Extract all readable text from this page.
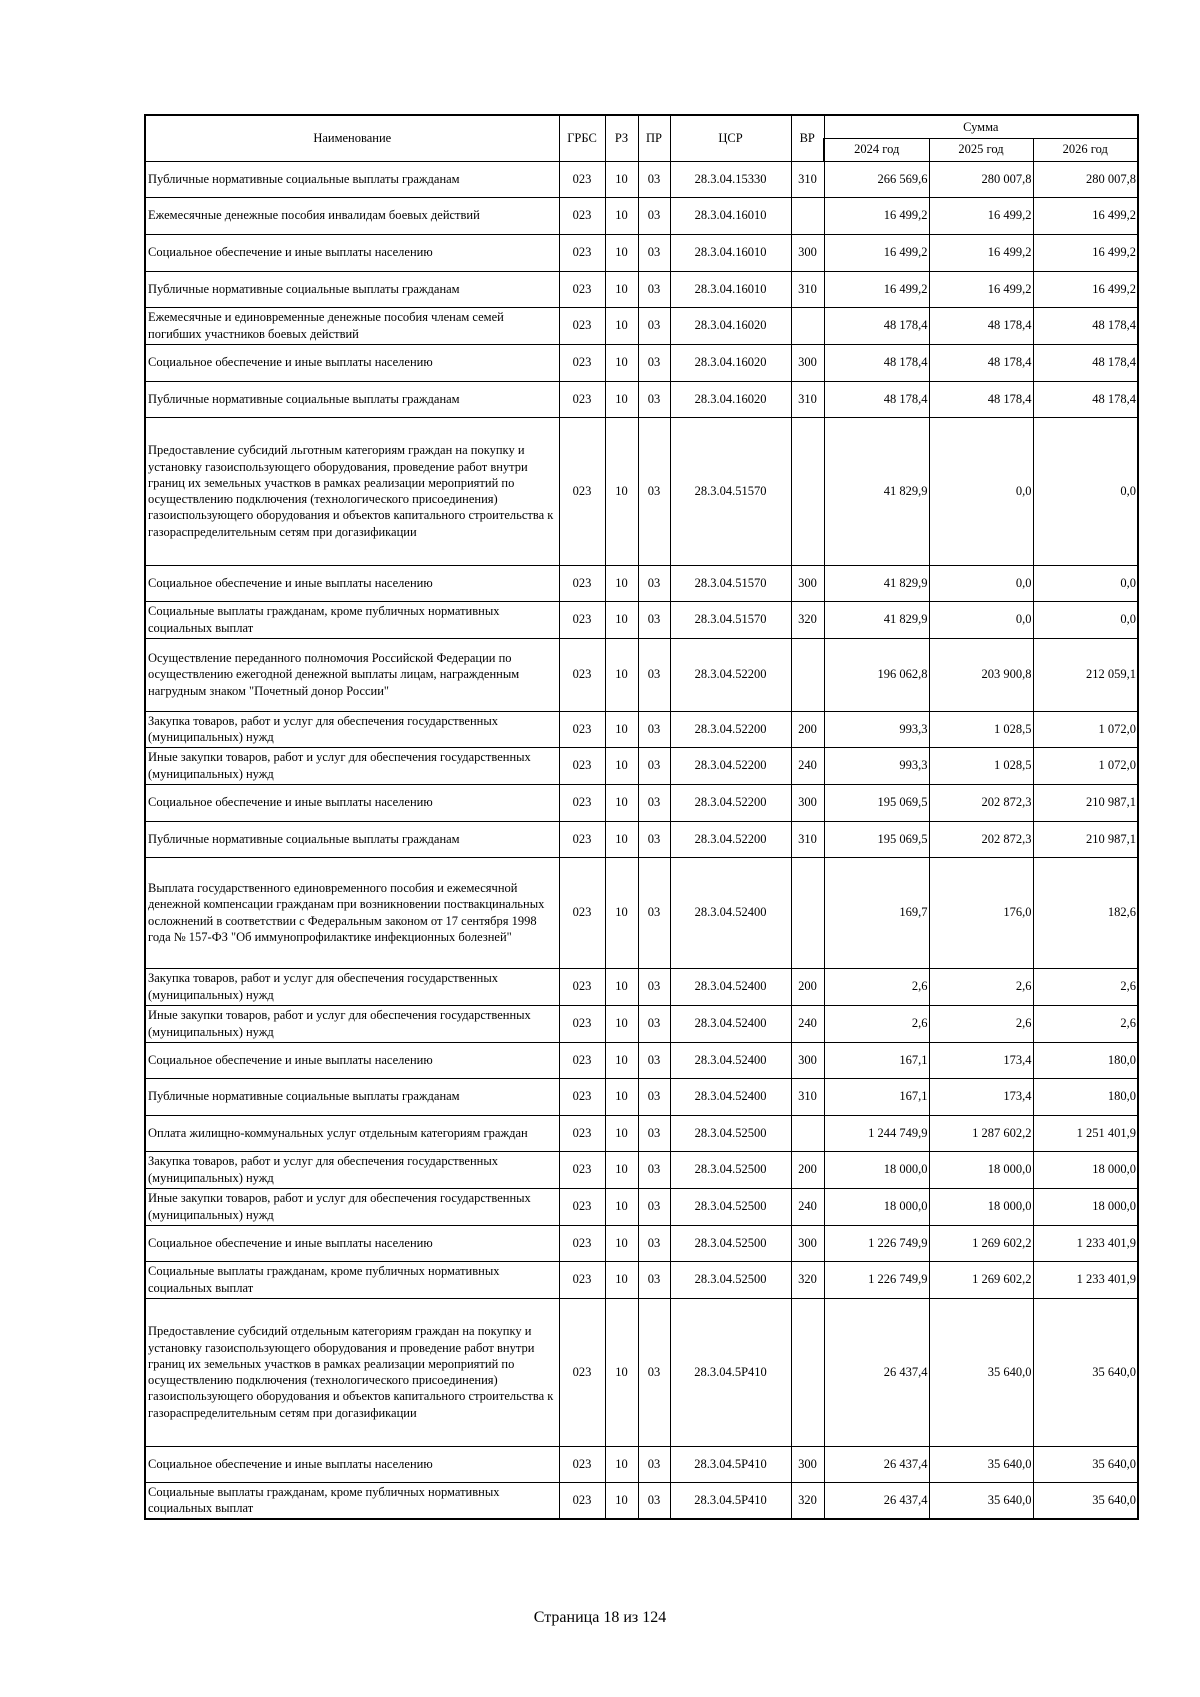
Наименование	ГРБС	РЗ	ПР	ЦСР	ВР	Сумма		
						2024 год	2025 год	2026 год
Публичные нормативные социальные выплаты гражданам	023	10	03	28.3.04.15330	310	266 569,6	280 007,8	280 007,8
Ежемесячные денежные пособия инвалидам боевых действий	023	10	03	28.3.04.16010		16 499,2	16 499,2	16 499,2
Социальное обеспечение и иные выплаты населению	023	10	03	28.3.04.16010	300	16 499,2	16 499,2	16 499,2
Публичные нормативные социальные выплаты гражданам	023	10	03	28.3.04.16010	310	16 499,2	16 499,2	16 499,2
Ежемесячные и единовременные денежные пособия членам семей погибших участников боевых действий	023	10	03	28.3.04.16020		48 178,4	48 178,4	48 178,4
Социальное обеспечение и иные выплаты населению	023	10	03	28.3.04.16020	300	48 178,4	48 178,4	48 178,4
Публичные нормативные социальные выплаты гражданам	023	10	03	28.3.04.16020	310	48 178,4	48 178,4	48 178,4
Предоставление субсидий льготным категориям граждан на покупку и установку газоиспользующего оборудования, проведение работ внутри границ их земельных участков в рамках реализации мероприятий по осуществлению подключения (технологического присоединения) газоиспользующего оборудования и объектов капитального строительства к газораспределительным сетям при догазификации	023	10	03	28.3.04.51570		41 829,9	0,0	0,0
Социальное обеспечение и иные выплаты населению	023	10	03	28.3.04.51570	300	41 829,9	0,0	0,0
Социальные выплаты гражданам, кроме публичных нормативных социальных выплат	023	10	03	28.3.04.51570	320	41 829,9	0,0	0,0
Осуществление переданного полномочия Российской Федерации по осуществлению ежегодной денежной выплаты лицам, награжденным нагрудным знаком "Почетный донор России"	023	10	03	28.3.04.52200		196 062,8	203 900,8	212 059,1
Закупка товаров, работ и услуг для обеспечения государственных (муниципальных) нужд	023	10	03	28.3.04.52200	200	993,3	1 028,5	1 072,0
Иные закупки товаров, работ и услуг для обеспечения государственных (муниципальных) нужд	023	10	03	28.3.04.52200	240	993,3	1 028,5	1 072,0
Социальное обеспечение и иные выплаты населению	023	10	03	28.3.04.52200	300	195 069,5	202 872,3	210 987,1
Публичные нормативные социальные выплаты гражданам	023	10	03	28.3.04.52200	310	195 069,5	202 872,3	210 987,1
Выплата государственного единовременного пособия и ежемесячной денежной компенсации гражданам при возникновении поствакцинальных осложнений в соответствии с Федеральным законом от 17 сентября 1998 года № 157-ФЗ "Об иммунопрофилактике инфекционных болезней"	023	10	03	28.3.04.52400		169,7	176,0	182,6
Закупка товаров, работ и услуг для обеспечения государственных (муниципальных) нужд	023	10	03	28.3.04.52400	200	2,6	2,6	2,6
Иные закупки товаров, работ и услуг для обеспечения государственных (муниципальных) нужд	023	10	03	28.3.04.52400	240	2,6	2,6	2,6
Социальное обеспечение и иные выплаты населению	023	10	03	28.3.04.52400	300	167,1	173,4	180,0
Публичные нормативные социальные выплаты гражданам	023	10	03	28.3.04.52400	310	167,1	173,4	180,0
Оплата жилищно-коммунальных услуг отдельным категориям граждан	023	10	03	28.3.04.52500		1 244 749,9	1 287 602,2	1 251 401,9
Закупка товаров, работ и услуг для обеспечения государственных (муниципальных) нужд	023	10	03	28.3.04.52500	200	18 000,0	18 000,0	18 000,0
Иные закупки товаров, работ и услуг для обеспечения государственных (муниципальных) нужд	023	10	03	28.3.04.52500	240	18 000,0	18 000,0	18 000,0
Социальное обеспечение и иные выплаты населению	023	10	03	28.3.04.52500	300	1 226 749,9	1 269 602,2	1 233 401,9
Социальные выплаты гражданам, кроме публичных нормативных социальных выплат	023	10	03	28.3.04.52500	320	1 226 749,9	1 269 602,2	1 233 401,9
Предоставление субсидий отдельным категориям граждан на покупку и установку газоиспользующего оборудования и проведение работ внутри границ их земельных участков в рамках реализации мероприятий по осуществлению подключения (технологического присоединения) газоиспользующего оборудования и объектов капитального строительства к газораспределительным сетям при догазификации	023	10	03	28.3.04.5Р410		26 437,4	35 640,0	35 640,0
Социальное обеспечение и иные выплаты населению	023	10	03	28.3.04.5Р410	300	26 437,4	35 640,0	35 640,0
Социальные выплаты гражданам, кроме публичных нормативных социальных выплат	023	10	03	28.3.04.5Р410	320	26 437,4	35 640,0	35 640,0
Страница 18 из 124
